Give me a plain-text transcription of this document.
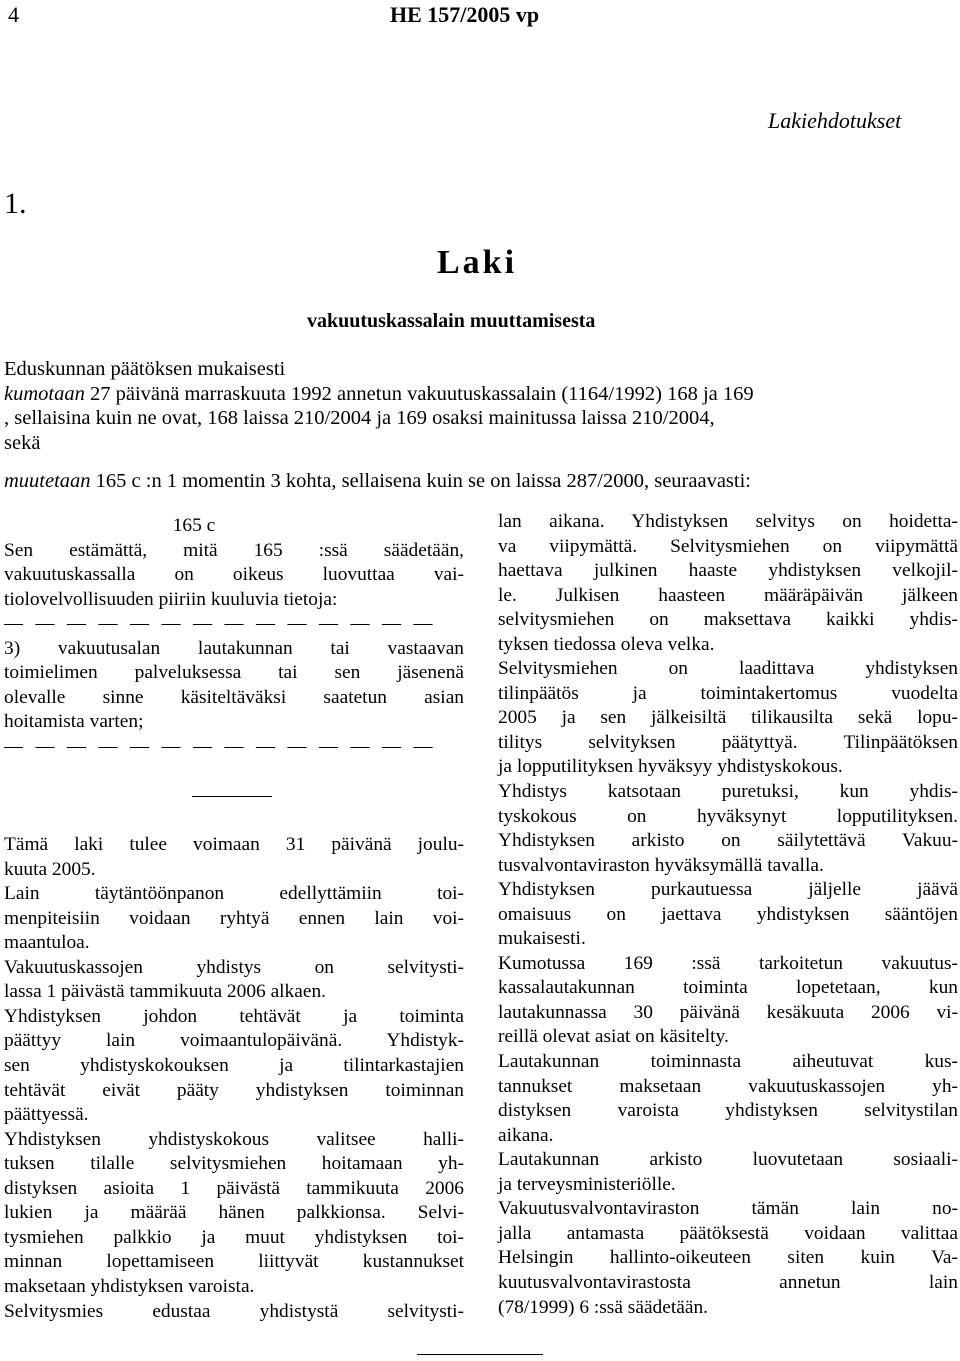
4	HE 157/2005 vp
Lakiehdotukset
1.
Laki
vakuutuskassalain muuttamisesta
Eduskunnan päätöksen mukaisesti
kumotaan 27 päivänä marraskuuta 1992 annetun vakuutuskassalain (1164/1992) 168 ja 169
, sellaisina kuin ne ovat, 168 laissa 210/2004 ja 169 osaksi mainitussa laissa 210/2004,
sekä
muutetaan 165 c :n 1 momentin 3 kohta, sellaisena kuin se on laissa 287/2000, seuraavasti:
165 c
Sen estämättä, mitä 165 :ssä säädetään,
vakuutuskassalla on oikeus luovuttaa vai-
tiolovelvollisuuden piiriin kuuluvia tietoja:
—  —  —  —  —  —  —  —  —  —  —  —  —  —
3) vakuutusalan lautakunnan tai vastaavan
toimielimen palveluksessa tai sen jäsenenä
olevalle sinne käsiteltäväksi saatetun asian
hoitamista varten;
—  —  —  —  —  —  —  —  —  —  —  —  —  —
Tämä laki tulee voimaan 31 päivänä joulu-
kuuta 2005.
Lain täytäntöönpanon edellyttämiin toi-
menpiteisiin voidaan ryhtyä ennen lain voi-
maantuloa.
Vakuutuskassojen yhdistys on selvitysti-
lassa 1 päivästä tammikuuta 2006 alkaen.
Yhdistyksen johdon tehtävät ja toiminta
päättyy lain voimaantulopäivänä. Yhdistyk-
sen yhdistyskokouksen ja tilintarkastajien
tehtävät eivät pääty yhdistyksen toiminnan
päättyessä.
Yhdistyksen yhdistyskokous valitsee halli-
tuksen tilalle selvitysmiehen hoitamaan yh-
distyksen asioita 1 päivästä tammikuuta 2006
lukien ja määrää hänen palkkionsa. Selvi-
tysmiehen palkkio ja muut yhdistyksen toi-
minnan lopettamiseen liittyvät kustannukset
maksetaan yhdistyksen varoista.
Selvitysmies edustaa yhdistystä selvitysti-
lan aikana. Yhdistyksen selvitys on hoidetta-
va viipymättä. Selvitysmiehen on viipymättä
haettava julkinen haaste yhdistyksen velkojil-
le. Julkisen haasteen määräpäivän jälkeen
selvitysmiehen on maksettava kaikki yhdis-
tyksen tiedossa oleva velka.
Selvitysmiehen on laadittava yhdistyksen
tilinpäätös ja toimintakertomus vuodelta
2005 ja sen jälkeisiltä tilikausilta sekä lopu-
tilitys selvityksen päätyttyä. Tilinpäätöksen
ja lopputilityksen hyväksyy yhdistyskokous.
Yhdistys katsotaan puretuksi, kun yhdis-
tyskokous on hyväksynyt lopputilityksen.
Yhdistyksen arkisto on säilytettävä Vakuu-
tusvalvontaviraston hyväksymällä tavalla.
Yhdistyksen purkautuessa jäljelle jäävä
omaisuus on jaettava yhdistyksen sääntöjen
mukaisesti.
Kumotussa 169 :ssä tarkoitetun vakuutus-
kassalautakunnan toiminta lopetetaan, kun
lautakunnassa 30 päivänä kesäkuuta 2006 vi-
reillä olevat asiat on käsitelty.
Lautakunnan toiminnasta aiheutuvat kus-
tannukset maksetaan vakuutuskassojen yh-
distyksen varoista yhdistyksen selvitystilan
aikana.
Lautakunnan arkisto luovutetaan sosiaali-
ja terveysministeriölle.
Vakuutusvalvontaviraston tämän lain no-
jalla antamasta päätöksestä voidaan valittaa
Helsingin hallinto-oikeuteen siten kuin Va-
kuutusvalvontavirastosta annetun lain
(78/1999) 6 :ssä säädetään.
